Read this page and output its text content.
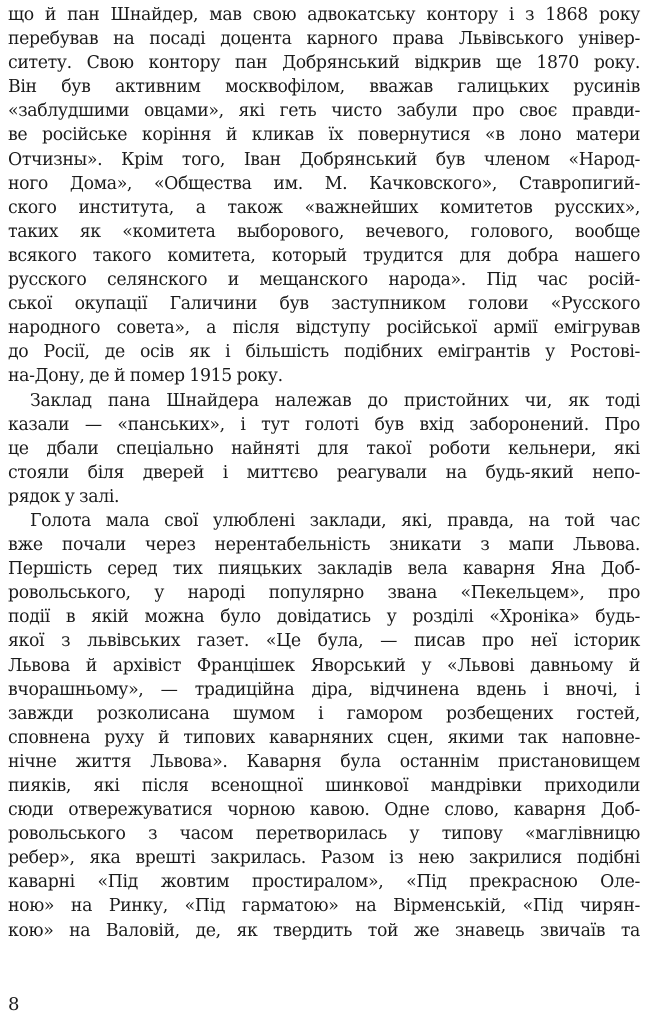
що й пан Шнайдер, мав свою адвокатську контору і з 1868 року
перебував на посаді доцента карного права Львівського універ-
ситету. Свою контору пан Добрянський відкрив ще 1870 року.
Він був активним москвофілом, вважав галицьких русинів
«заблудшими овцами», які геть чисто забули про своє правди-
ве російське коріння й кликав їх повернутися «в лоно матери
Отчизны». Крім того, Іван Добрянський був членом «Народ-
ного Дома», «Общества им. М. Качковского», Ставропигий-
ского института, а також «важнейших комитетов русских»,
таких як «комитета выборового, вечевого, голового, вообще
всякого такого комитета, который трудится для добра нашего
русского селянского и мещанского народа». Під час росій-
ської окупації Галичини був заступником голови «Русского
народного совета», а після відступу російської армії емігрував
до Росії, де осів як і більшість подібних емігрантів у Ростові-
на-Дону, де й помер 1915 року.
Заклад пана Шнайдера належав до пристойних чи, як тоді
казали — «панських», і тут голоті був вхід заборонений. Про
це дбали спеціально найняті для такої роботи кельнери, які
стояли біля дверей і миттєво реагували на будь-який непо-
рядок у залі.
Голота мала свої улюблені заклади, які, правда, на той час
вже почали через нерентабельність зникати з мапи Львова.
Першість серед тих пияцьких закладів вела каварня Яна Доб-
ровольського, у народі популярно звана «Пекельцем», про
події в якій можна було довідатись у розділі «Хроніка» будь-
якої з львівських газет. «Це була, — писав про неї історик
Львова й архівіст Францішек Яворський у «Львові давньому й
вчорашньому», — традиційна діра, відчинена вдень і вночі, і
завжди розколисана шумом і гамором розбещених гостей,
сповнена руху й типових каварняних сцен, якими так наповне-
нічне життя Львова». Каварня була останнім пристановищем
пияків, які після всенощної шинкової мандрівки приходили
сюди отвережуватися чорною кавою. Одне слово, каварня Доб-
ровольського з часом перетворилась у типову «маглівницю
ребер», яка врешті закрилась. Разом із нею закрилися подібні
каварні «Під жовтим простиралом», «Під прекрасною Оле-
ною» на Ринку, «Під гарматою» на Вірменській, «Під чирян-
кою» на Валовій, де, як твердить той же знавець звичаїв та
8
